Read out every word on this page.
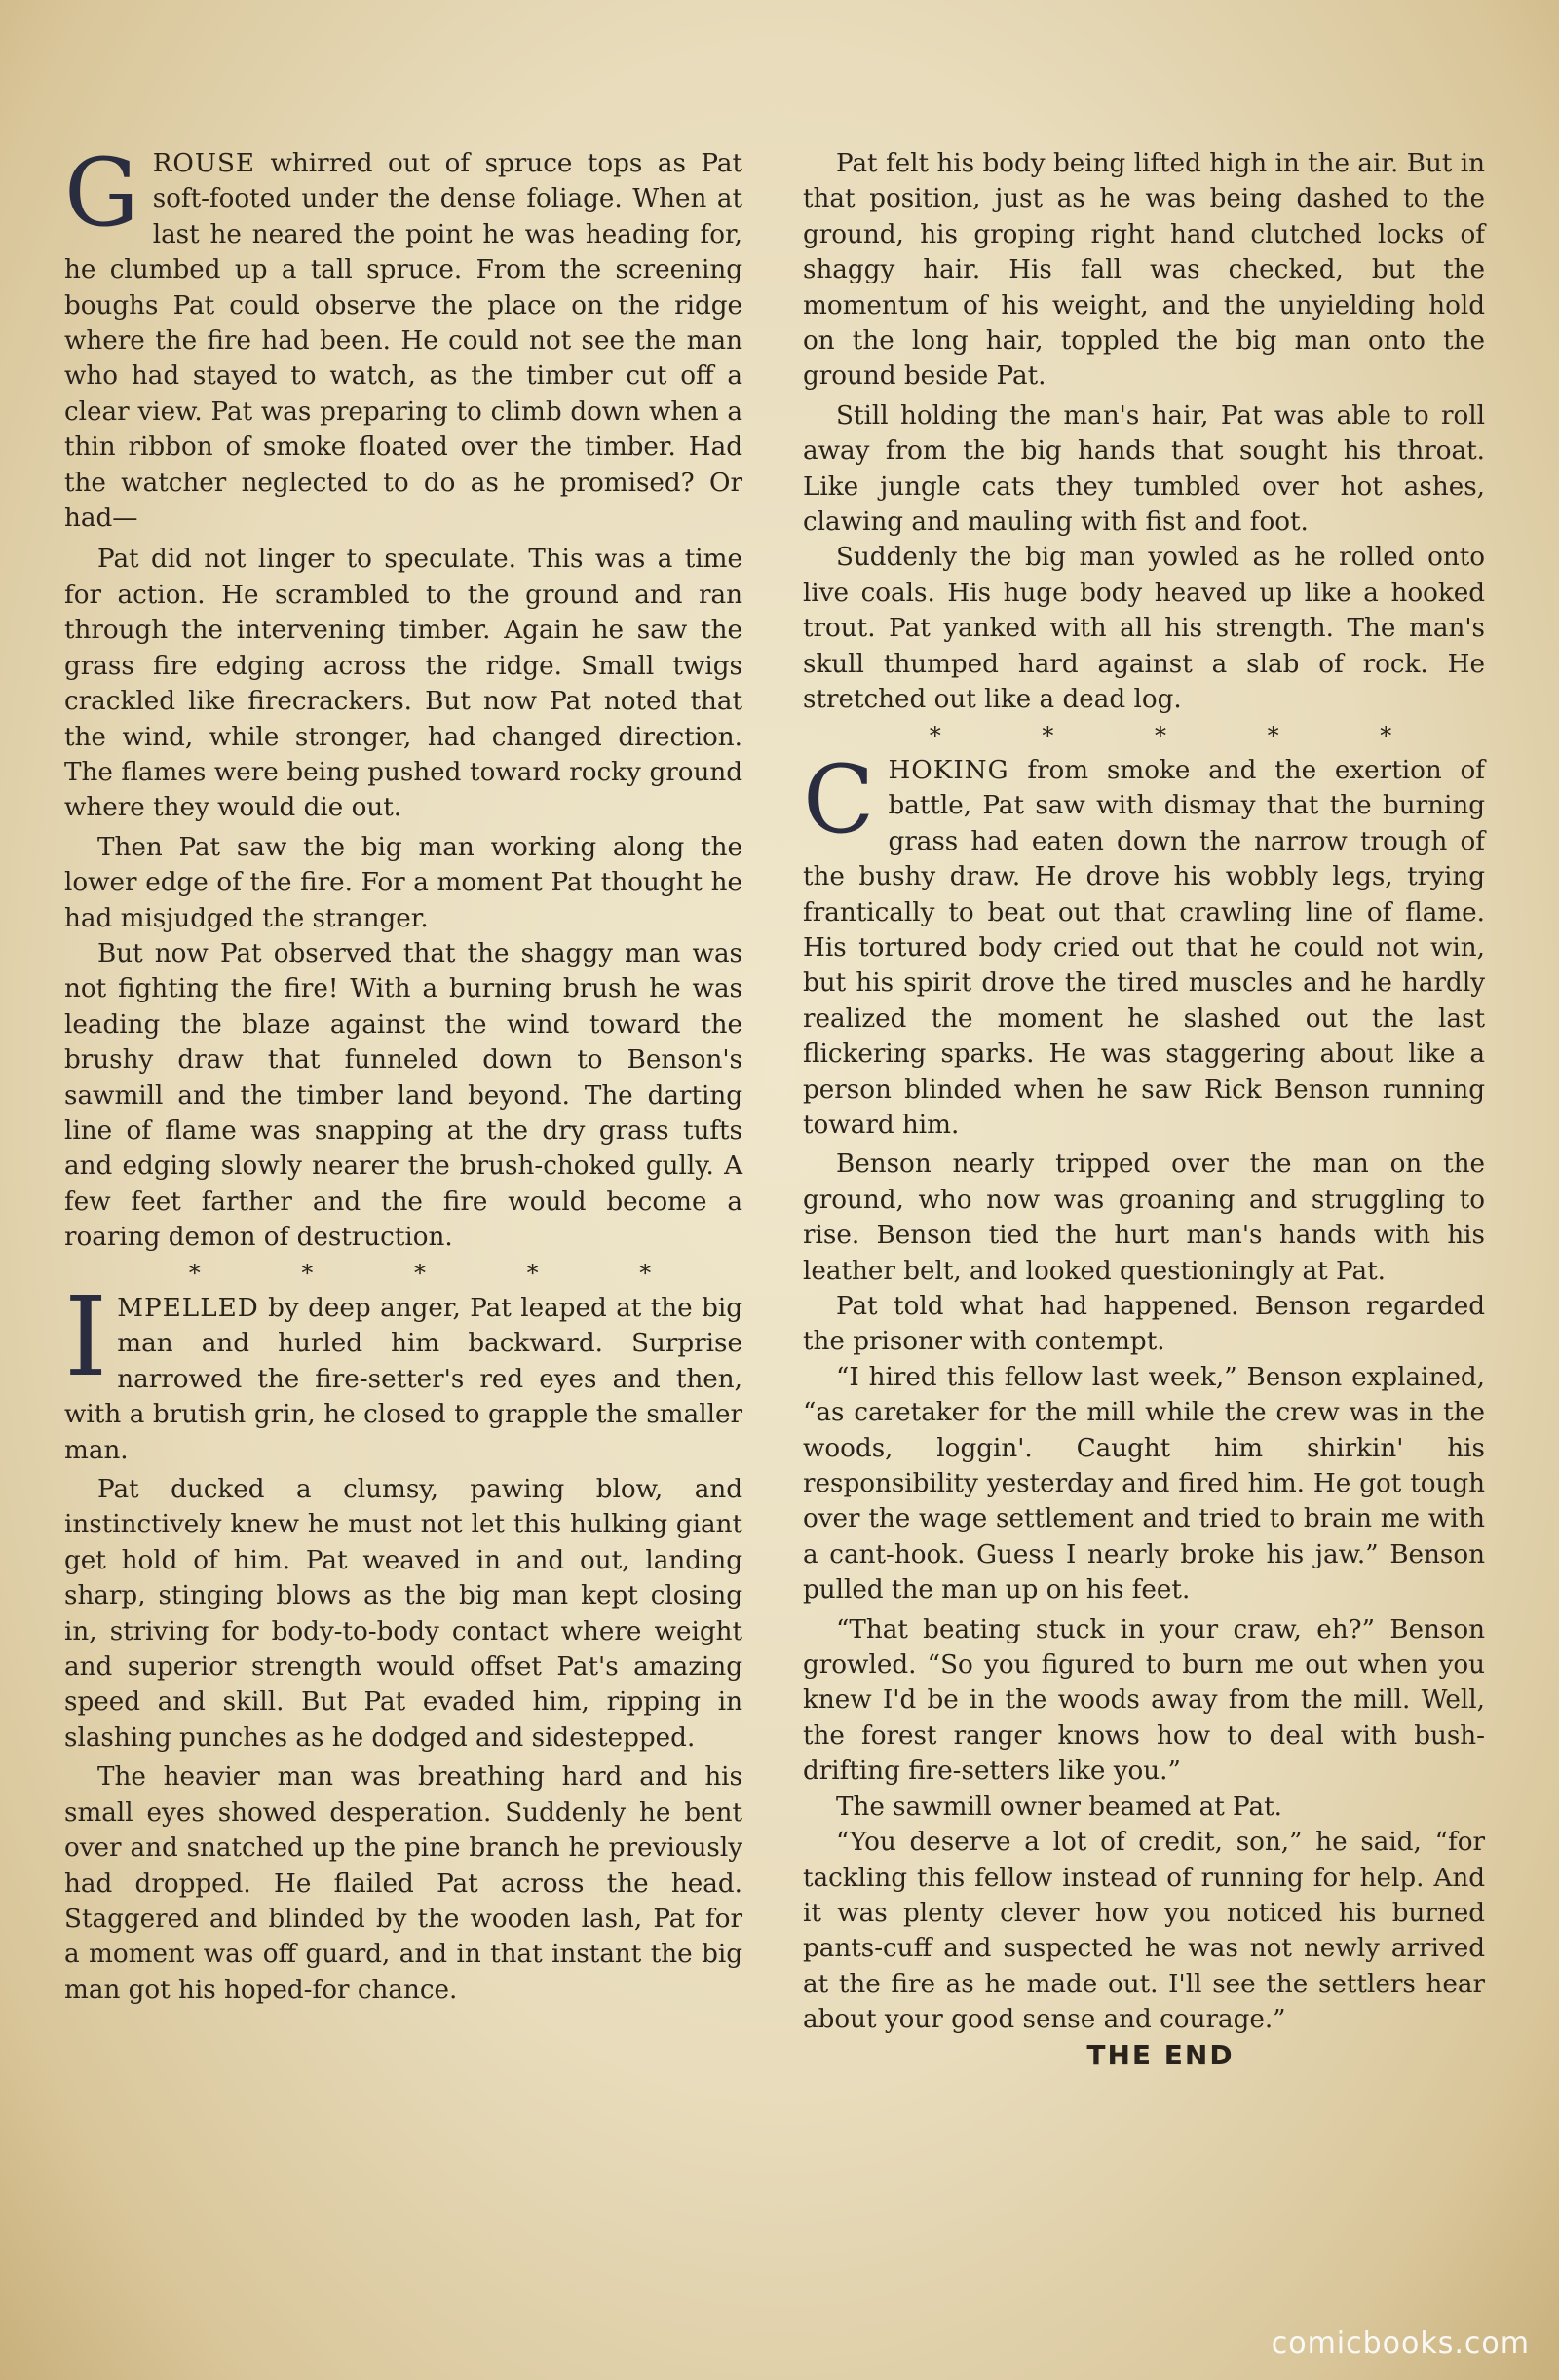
GROUSE whirred out of spruce tops as Pat soft-footed under the dense foliage. When at last he neared the point he was heading for, he clumbed up a tall spruce. From the screening boughs Pat could observe the place on the ridge where the fire had been. He could not see the man who had stayed to watch, as the timber cut off a clear view. Pat was preparing to climb down when a thin ribbon of smoke floated over the timber. Had the watcher neglected to do as he promised? Or had—

Pat did not linger to speculate. This was a time for action. He scrambled to the ground and ran through the intervening timber. Again he saw the grass fire edging across the ridge. Small twigs crackled like firecrackers. But now Pat noted that the wind, while stronger, had changed direction. The flames were being pushed toward rocky ground where they would die out.

Then Pat saw the big man working along the lower edge of the fire. For a moment Pat thought he had misjudged the stranger.

But now Pat observed that the shaggy man was not fighting the fire! With a burning brush he was leading the blaze against the wind toward the brushy draw that funneled down to Benson's sawmill and the timber land beyond. The darting line of flame was snapping at the dry grass tufts and edging slowly nearer the brush-choked gully. A few feet farther and the fire would become a roaring demon of destruction.

* * * * *

IMPELLED by deep anger, Pat leaped at the big man and hurled him backward. Surprise narrowed the fire-setter's red eyes and then, with a brutish grin, he closed to grapple the smaller man.

Pat ducked a clumsy, pawing blow, and instinctively knew he must not let this hulking giant get hold of him. Pat weaved in and out, landing sharp, stinging blows as the big man kept closing in, striving for body-to-body contact where weight and superior strength would offset Pat's amazing speed and skill. But Pat evaded him, ripping in slashing punches as he dodged and sidestepped.

The heavier man was breathing hard and his small eyes showed desperation. Suddenly he bent over and snatched up the pine branch he previously had dropped. He flailed Pat across the head. Staggered and blinded by the wooden lash, Pat for a moment was off guard, and in that instant the big man got his hoped-for chance.

Pat felt his body being lifted high in the air. But in that position, just as he was being dashed to the ground, his groping right hand clutched locks of shaggy hair. His fall was checked, but the momentum of his weight, and the unyielding hold on the long hair, toppled the big man onto the ground beside Pat.

Still holding the man's hair, Pat was able to roll away from the big hands that sought his throat. Like jungle cats they tumbled over hot ashes, clawing and mauling with fist and foot.

Suddenly the big man yowled as he rolled onto live coals. His huge body heaved up like a hooked trout. Pat yanked with all his strength. The man's skull thumped hard against a slab of rock. He stretched out like a dead log.

* * * * *

CHOKING from smoke and the exertion of battle, Pat saw with dismay that the burning grass had eaten down the narrow trough of the bushy draw. He drove his wobbly legs, trying frantically to beat out that crawling line of flame. His tortured body cried out that he could not win, but his spirit drove the tired muscles and he hardly realized the moment he slashed out the last flickering sparks. He was staggering about like a person blinded when he saw Rick Benson running toward him.

Benson nearly tripped over the man on the ground, who now was groaning and struggling to rise. Benson tied the hurt man's hands with his leather belt, and looked questioningly at Pat.

Pat told what had happened. Benson regarded the prisoner with contempt.

“I hired this fellow last week,” Benson explained, “as caretaker for the mill while the crew was in the woods, loggin'. Caught him shirkin' his responsibility yesterday and fired him. He got tough over the wage settlement and tried to brain me with a cant-hook. Guess I nearly broke his jaw.” Benson pulled the man up on his feet.

“That beating stuck in your craw, eh?” Benson growled. “So you figured to burn me out when you knew I'd be in the woods away from the mill. Well, the forest ranger knows how to deal with bush-drifting fire-setters like you.”

The sawmill owner beamed at Pat.

“You deserve a lot of credit, son,” he said, “for tackling this fellow instead of running for help. And it was plenty clever how you noticed his burned pants-cuff and suspected he was not newly arrived at the fire as he made out. I'll see the settlers hear about your good sense and courage.”

THE END

comicbooks.com
